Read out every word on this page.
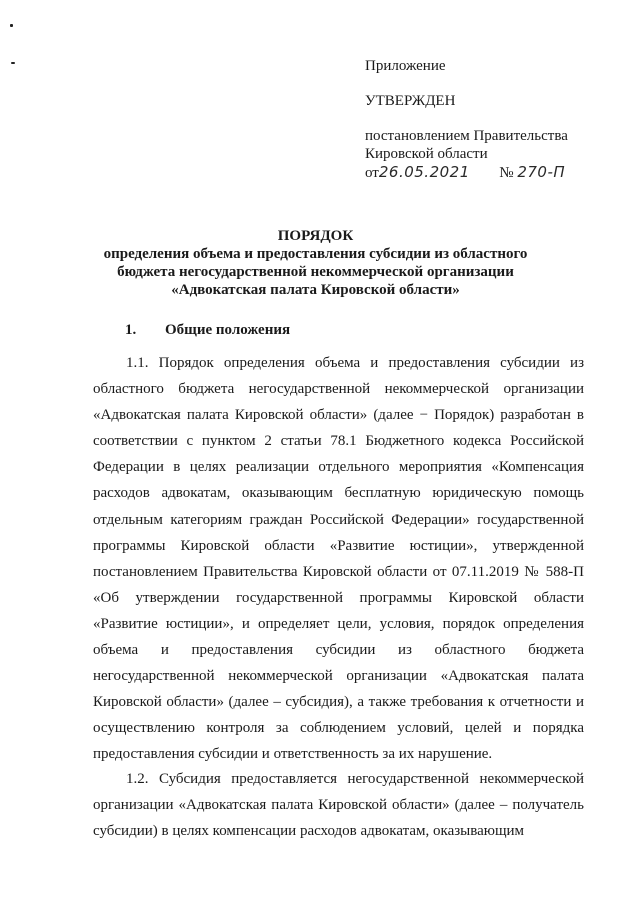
Приложение
УТВЕРЖДЕН
постановлением Правительства
Кировской области
от26.05.2021 № 270-П
ПОРЯДОК
определения объема и предоставления субсидии из областного
бюджета негосударственной некоммерческой организации
«Адвокатская палата Кировской области»
1. Общие положения

1.1. Порядок определения объема и предоставления субсидии из областного бюджета негосударственной некоммерческой организации «Адвокатская палата Кировской области» (далее − Порядок) разработан в соответствии с пунктом 2 статьи 78.1 Бюджетного кодекса Российской Федерации в целях реализации отдельного мероприятия «Компенсация расходов адвокатам, оказывающим бесплатную юридическую помощь отдельным категориям граждан Российской Федерации» государственной программы Кировской области «Развитие юстиции», утвержденной постановлением Правительства Кировской области от 07.11.2019 № 588-П «Об утверждении государственной программы Кировской области «Развитие юстиции», и определяет цели, условия, порядок определения объема и предоставления субсидии из областного бюджета негосударственной некоммерческой организации «Адвокатская палата Кировской области» (далее – субсидия), а также требования к отчетности и осуществлению контроля за соблюдением условий, целей и порядка предоставления субсидии и ответственность за их нарушение.

1.2. Субсидия предоставляется негосударственной некоммерческой организации «Адвокатская палата Кировской области» (далее – получатель субсидии) в целях компенсации расходов адвокатам, оказывающим
